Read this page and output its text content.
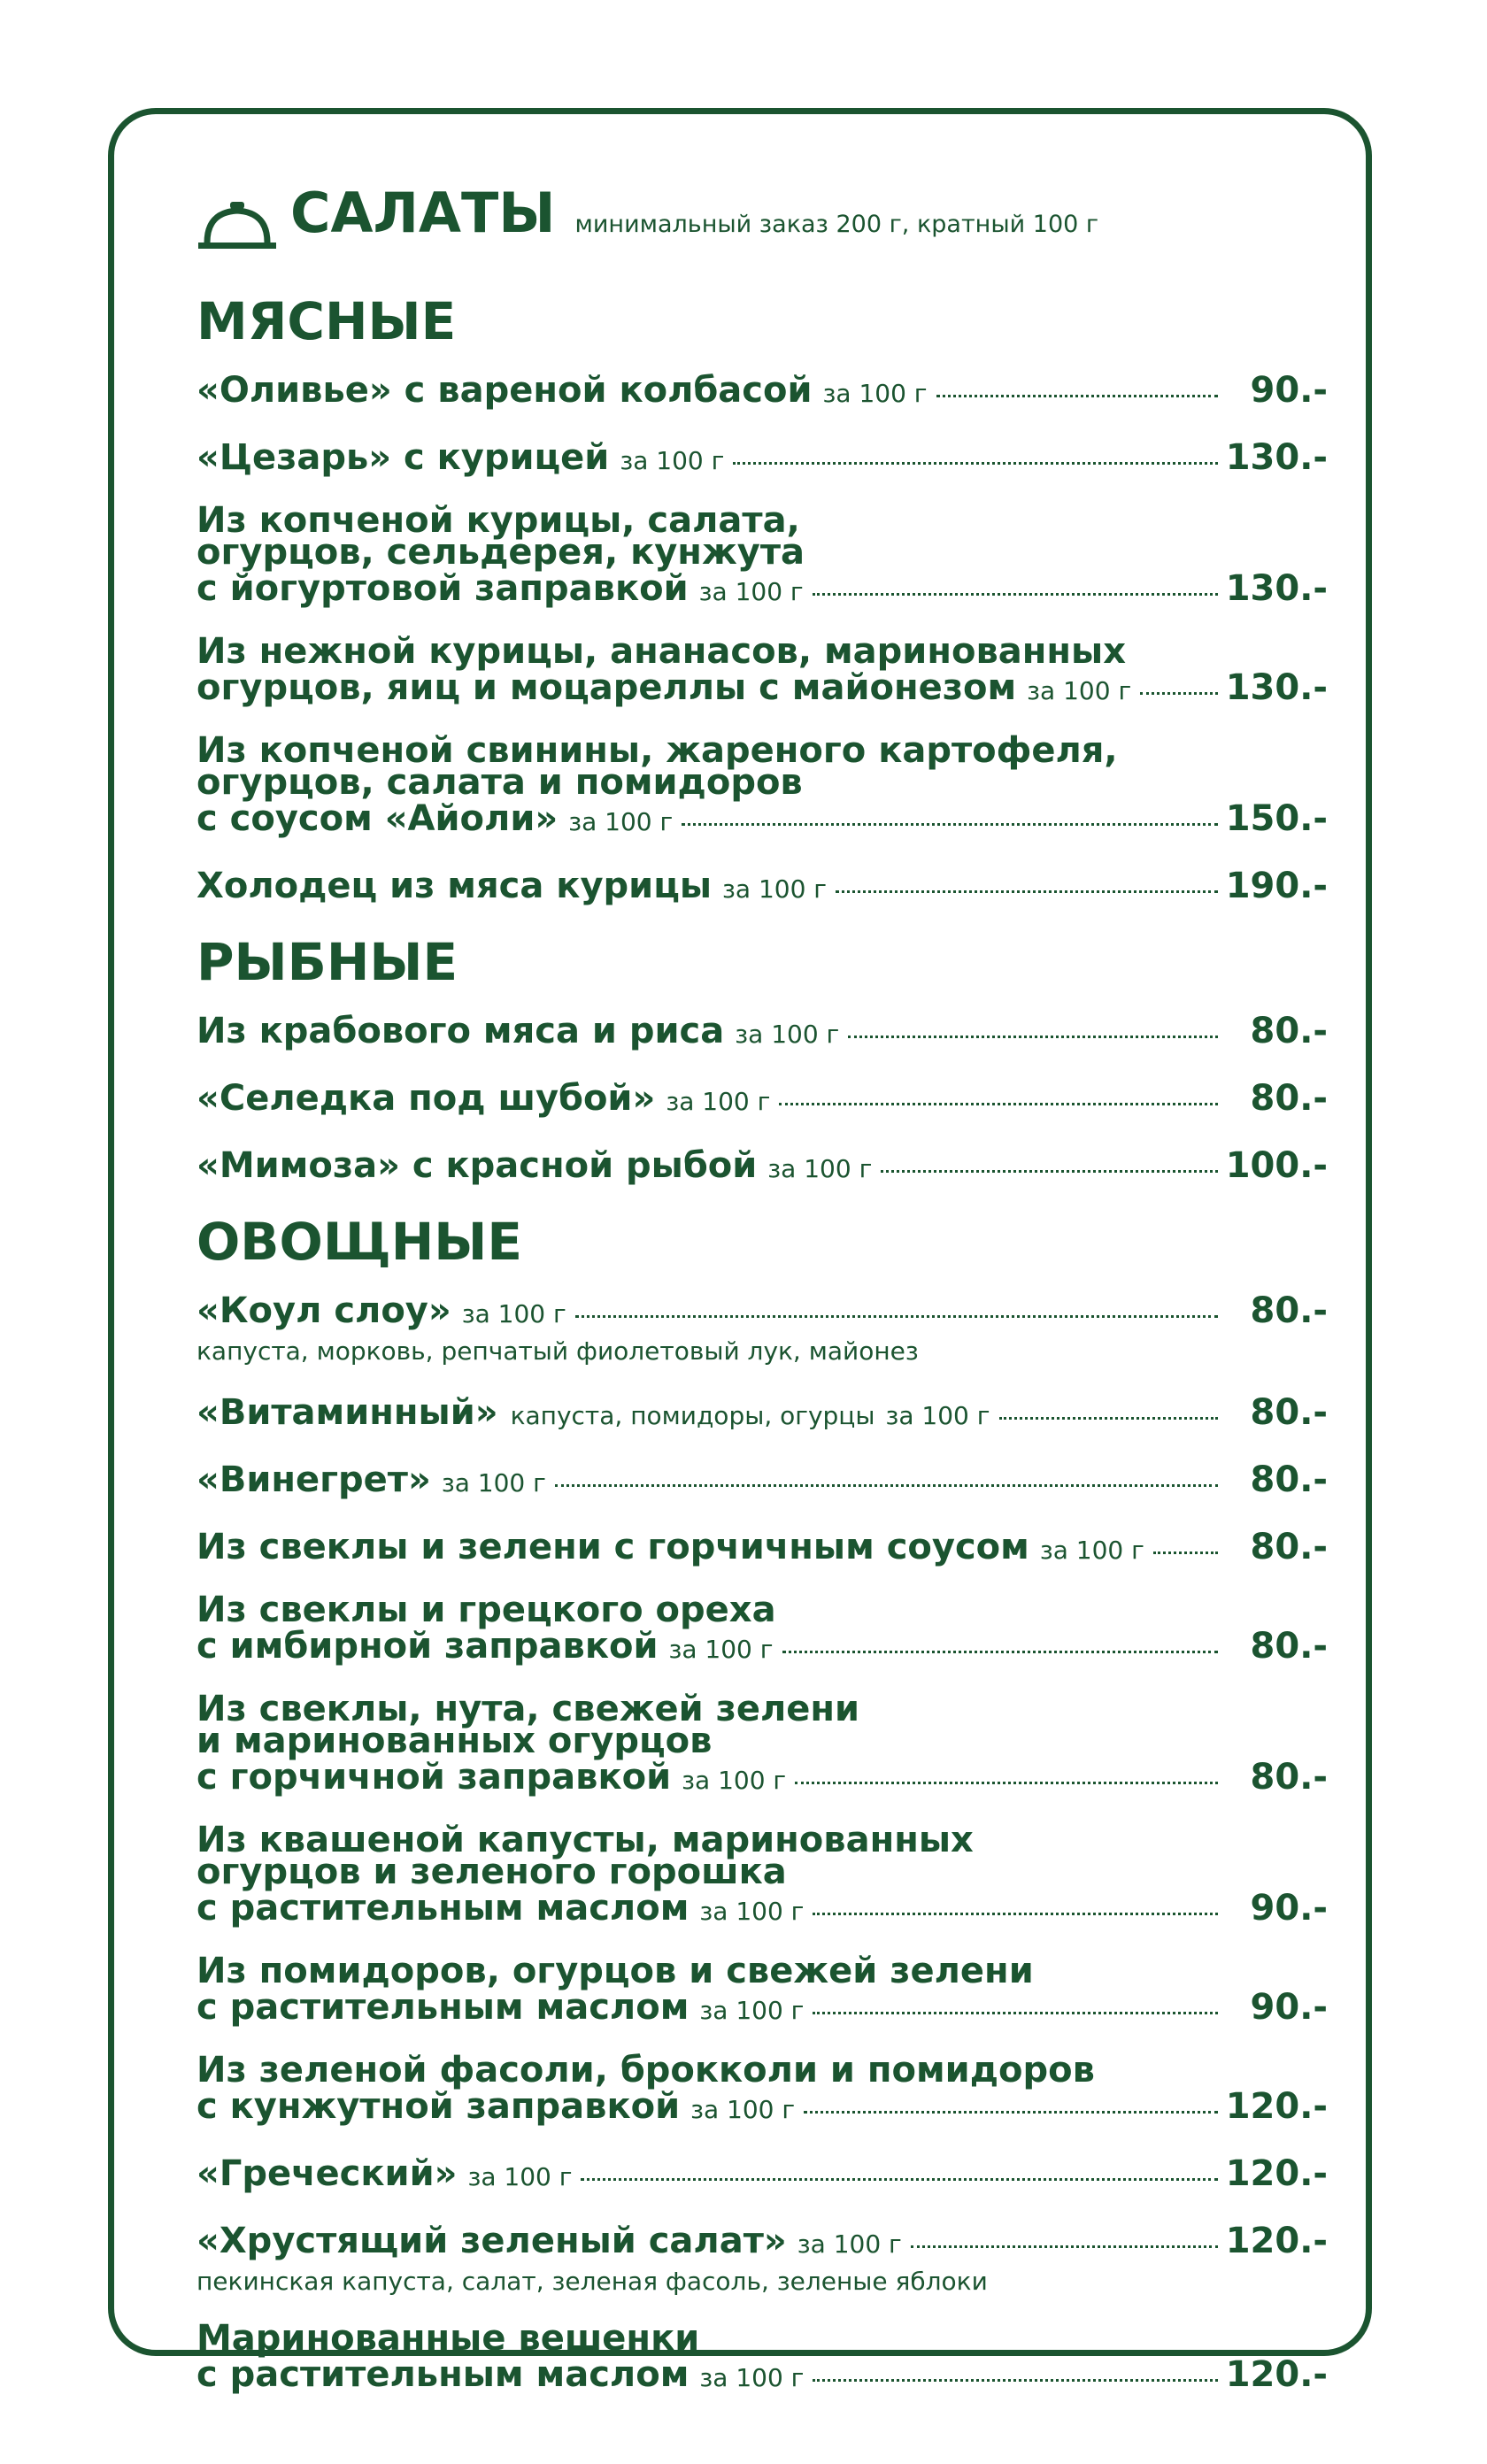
САЛАТЫ минимальный заказ 200 г, кратный 100 г
МЯСНЫЕ
«Оливье» с вареной колбасой за 100 г	90.-
«Цезарь» с курицей за 100 г	130.-
Из копченой курицы, салата,
огурцов, сельдерея, кунжута
с йогуртовой заправкой за 100 г	130.-
Из нежной курицы, ананасов, маринованных
огурцов, яиц и моцареллы с майонезом за 100 г	130.-
Из копченой свинины, жареного картофеля,
огурцов, салата и помидоров
с соусом «Айоли» за 100 г	150.-
Холодец из мяса курицы за 100 г	190.-
РЫБНЫЕ
Из крабового мяса и риса за 100 г	80.-
«Селедка под шубой» за 100 г	80.-
«Мимоза» с красной рыбой за 100 г	100.-
ОВОЩНЫЕ
«Коул слоу» за 100 г	80.-
капуста, морковь, репчатый фиолетовый лук, майонез
«Витаминный» капуста, помидоры, огурцы за 100 г	80.-
«Винегрет» за 100 г	80.-
Из свеклы и зелени с горчичным соусом за 100 г	80.-
Из свеклы и грецкого ореха
с имбирной заправкой за 100 г	80.-
Из свеклы, нута, свежей зелени
и маринованных огурцов
с горчичной заправкой за 100 г	80.-
Из квашеной капусты, маринованных
огурцов и зеленого горошка
с растительным маслом за 100 г	90.-
Из помидоров, огурцов и свежей зелени
с растительным маслом за 100 г	90.-
Из зеленой фасоли, брокколи и помидоров
с кунжутной заправкой за 100 г	120.-
«Греческий» за 100 г	120.-
«Хрустящий зеленый салат» за 100 г	120.-
пекинская капуста, салат, зеленая фасоль, зеленые яблоки
Маринованные вешенки
с растительным маслом за 100 г	120.-
